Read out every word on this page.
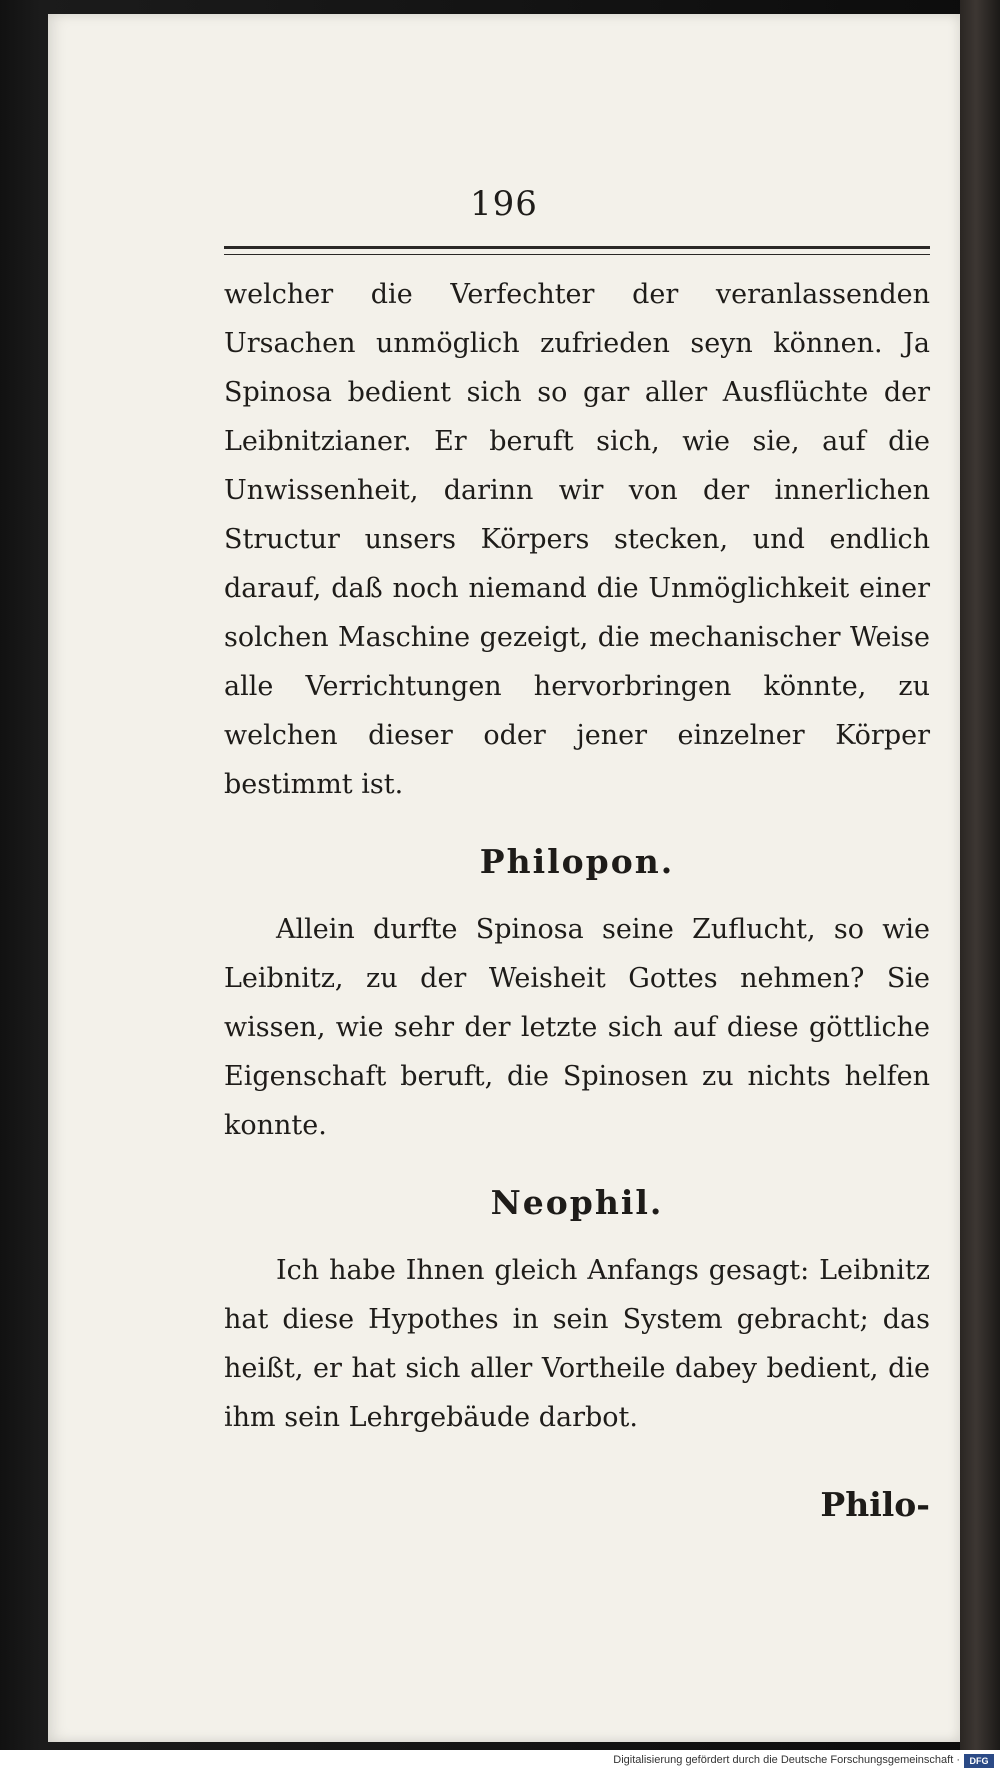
196

welcher die Verfechter der veranlassenden Ursachen unmöglich zufrieden seyn können. Ja Spinosa bedient sich so gar aller Ausflüchte der Leibnitzianer. Er beruft sich, wie sie, auf die Unwissenheit, darinn wir von der innerlichen Structur unsers Körpers stecken, und endlich darauf, daß noch niemand die Unmöglichkeit einer solchen Maschine gezeigt, die mechanischer Weise alle Verrichtungen hervorbringen könnte, zu welchen dieser oder jener einzelner Körper bestimmt ist.

Philopon.

Allein durfte Spinosa seine Zuflucht, so wie Leibnitz, zu der Weisheit Gottes nehmen? Sie wissen, wie sehr der letzte sich auf diese göttliche Eigenschaft beruft, die Spinosen zu nichts helfen konnte.

Neophil.

Ich habe Ihnen gleich Anfangs gesagt: Leibnitz hat diese Hypothes in sein System gebracht; das heißt, er hat sich aller Vortheile dabey bedient, die ihm sein Lehrgebäude darbot.

Philo-
Digitalisierung gefördert durch die Deutsche Forschungsgemeinschaft ·	DFG
